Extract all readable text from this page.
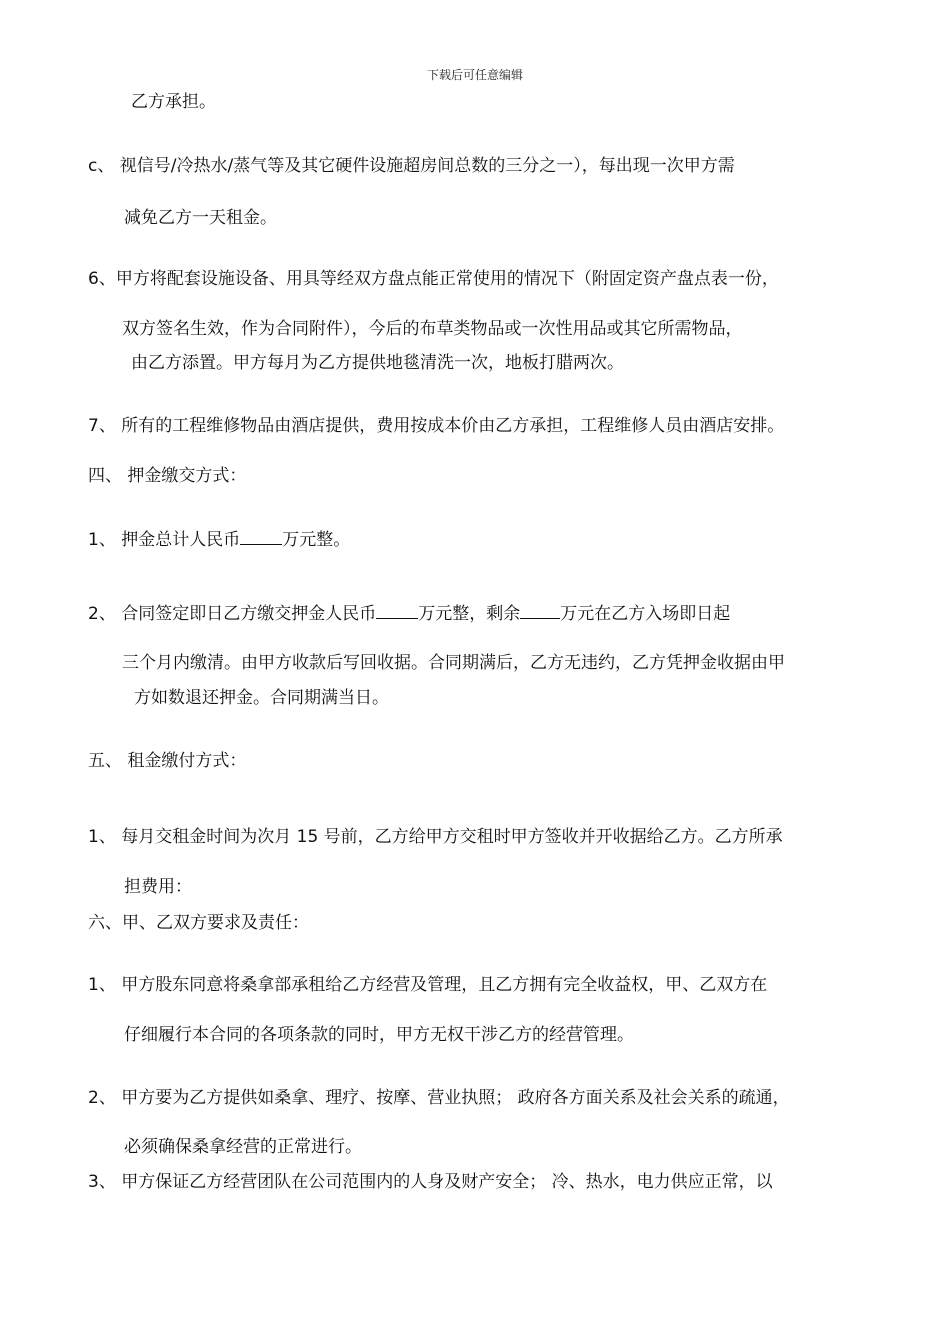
下载后可任意编辑
乙方承担。
c、 视信号/冷热水/蒸气等及其它硬件设施超房间总数的三分之一），每出现一次甲方需
减免乙方一天租金。
6、甲方将配套设施设备、用具等经双方盘点能正常使用的情况下（附固定资产盘点表一份，
双方签名生效，作为合同附件），今后的布草类物品或一次性用品或其它所需物品，
由乙方添置。甲方每月为乙方提供地毯清洗一次，地板打腊两次。
7、 所有的工程维修物品由酒店提供，费用按成本价由乙方承担，工程维修人员由酒店安排。
四、 押金缴交方式：
1、 押金总计人民币 万元整。
2、 合同签定即日乙方缴交押金人民币 万元整，剩余 万元在乙方入场即日起
三个月内缴清。由甲方收款后写回收据。合同期满后，乙方无违约，乙方凭押金收据由甲
方如数退还押金。合同期满当日。
五、 租金缴付方式：
1、 每月交租金时间为次月 15 号前，乙方给甲方交租时甲方签收并开收据给乙方。乙方所承
担费用：
六、甲、乙双方要求及责任：
1、 甲方股东同意将桑拿部承租给乙方经营及管理，且乙方拥有完全收益权，甲、乙双方在
仔细履行本合同的各项条款的同时，甲方无权干涉乙方的经营管理。
2、 甲方要为乙方提供如桑拿、理疗、按摩、营业执照； 政府各方面关系及社会关系的疏通，
必须确保桑拿经营的正常进行。
3、 甲方保证乙方经营团队在公司范围内的人身及财产安全； 冷、热水，电力供应正常，以
